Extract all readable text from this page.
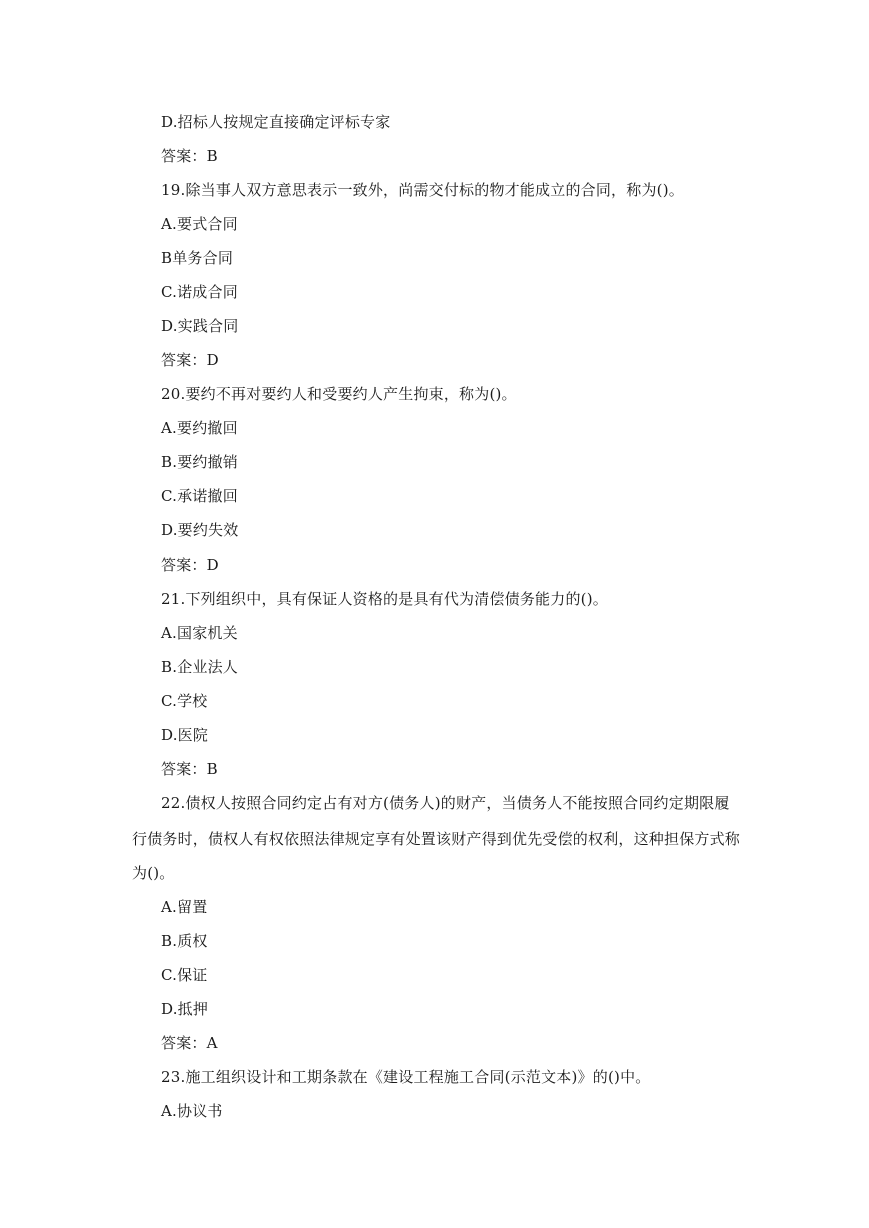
D.招标人按规定直接确定评标专家
答案：B
19.除当事人双方意思表示一致外，尚需交付标的物才能成立的合同，称为()。
A.要式合同
B单务合同
C.诺成合同
D.实践合同
答案：D
20.要约不再对要约人和受要约人产生拘束，称为()。
A.要约撤回
B.要约撤销
C.承诺撤回
D.要约失效
答案：D
21.下列组织中，具有保证人资格的是具有代为清偿债务能力的()。
A.国家机关
B.企业法人
C.学校
D.医院
答案：B
22.债权人按照合同约定占有对方(债务人)的财产，当债务人不能按照合同约定期限履
行债务时，债权人有权依照法律规定享有处置该财产得到优先受偿的权利，这种担保方式称
为()。
A.留置
B.质权
C.保证
D.抵押
答案：A
23.施工组织设计和工期条款在《建设工程施工合同(示范文本)》的()中。
A.协议书
